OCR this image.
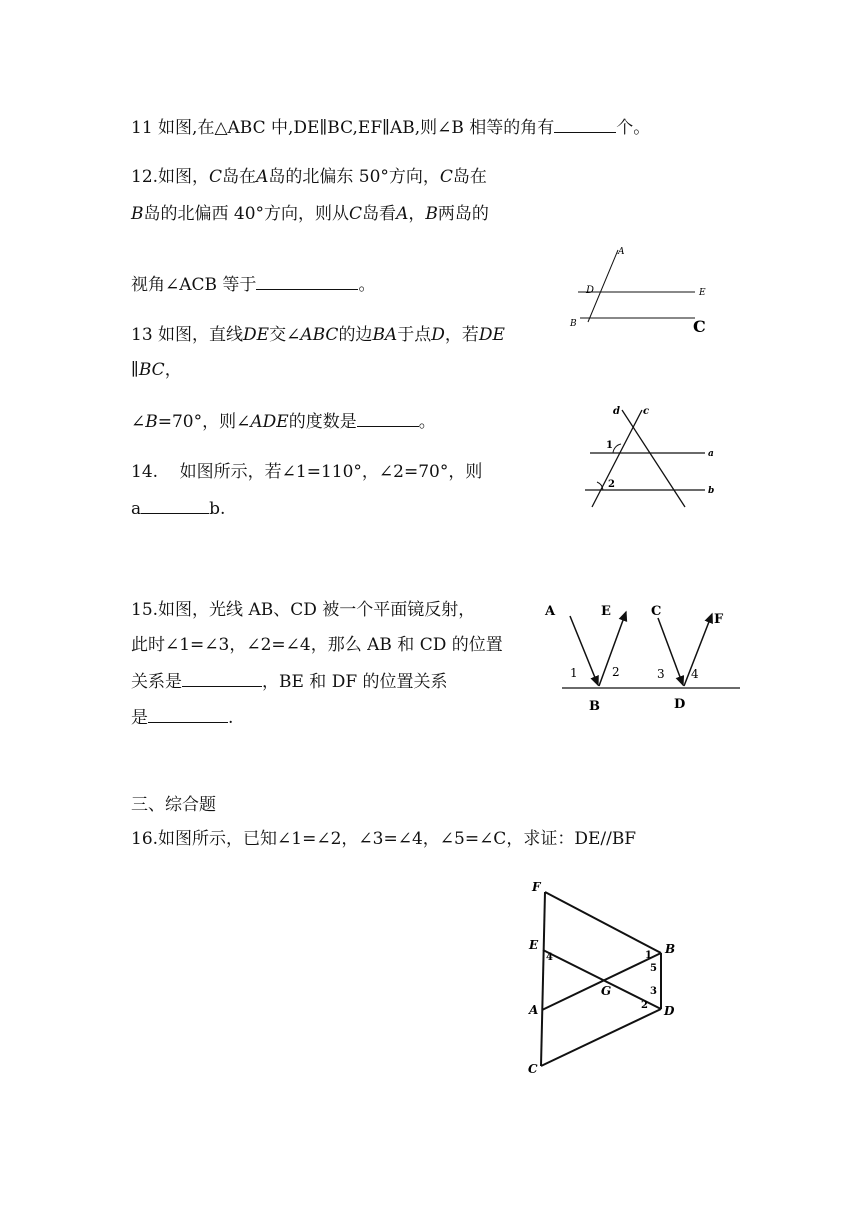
11 如图,在△ABC 中,DE∥BC,EF∥AB,则∠B 相等的角有	个。
12.如图，C岛在A岛的北偏东 50°方向，C岛在
B岛的北偏西 40°方向，则从C岛看A，B两岛的
视角∠ACB 等于	。
13 如图，直线DE交∠ABC的边BA于点D，若DE
∥BC，
∠B=70°，则∠ADE的度数是	。
14.    如图所示，若∠1=110°，∠2=70°，则
a	b.
15.如图，光线 AB、CD 被一个平面镜反射，
此时∠1=∠3，∠2=∠4，那么 AB 和 CD 的位置
关系是	，BE 和 DF 的位置关系
是	.
三、综合题
16.如图所示，已知∠1=∠2，∠3=∠4，∠5=∠C，求证：DE//BF
A
D	E
B	C
d c
1
a
2
b
A	E	C
F
1	2	3 4
B	D
F
E
4	1 B
5
G	3
A	2 D
C
